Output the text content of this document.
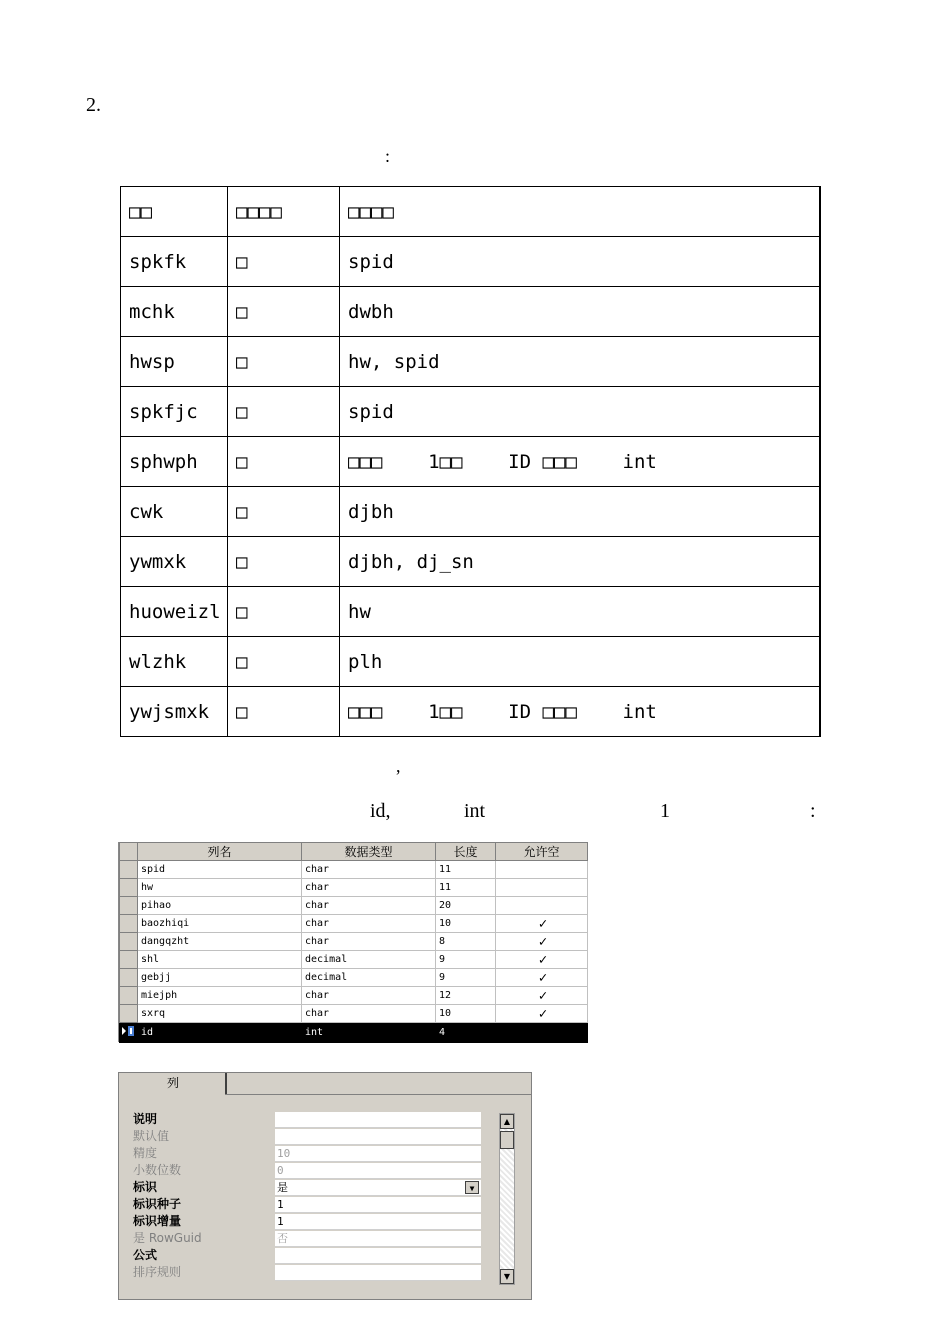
2.
:
□□	□□□□	□□□□
spkfk	□	spid
mchk	□	dwbh
hwsp	□	hw, spid
spkfjc	□	spid
sphwph	□	□□□    1□□    ID □□□    int
cwk	□	djbh
ywmxk	□	djbh, dj_sn
huoweizl	□	hw
wlzhk	□	plh
ywjsmxk	□	□□□    1□□    ID □□□    int
,
id,	int	1	:
	列名	数据类型	长度	允许空
	spid	char	11	
	hw	char	11	
	pihao	char	20	
	baozhiqi	char	10	✓
	dangqzht	char	8	✓
	shl	decimal	9	✓
	gebjj	decimal	9	✓
	miejph	char	12	✓
	sxrq	char	10	✓
	id	int	4	
列
说明
默认值
精度	10
小数位数	0
标识	是	▼
标识种子	1
标识增量	1
是 RowGuid	否
公式
排序规则
▲
▼
